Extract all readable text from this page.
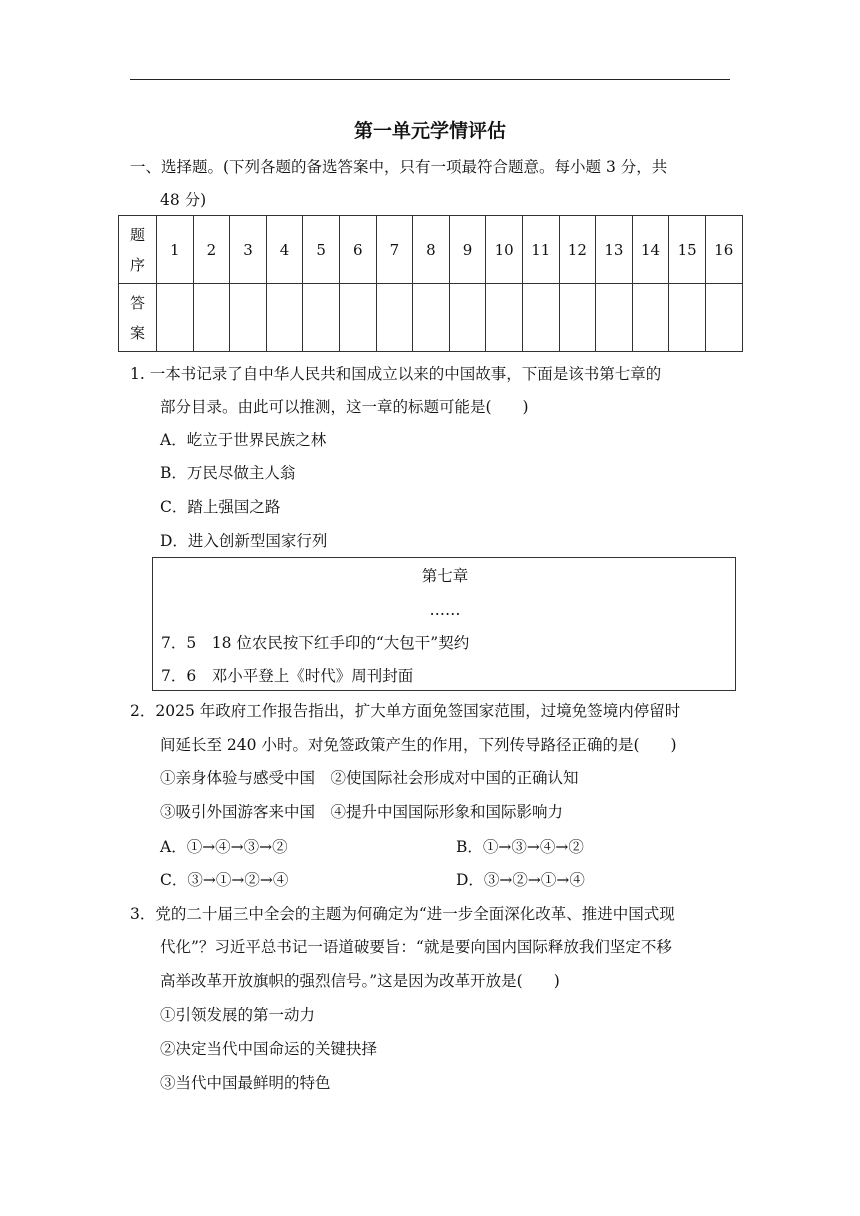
第一单元学情评估
一、选择题。(下列各题的备选答案中，只有一项最符合题意。每小题 3 分，共
48 分)
题
序	1	2	3	4	5	6	7	8	9	10	11	12	13	14	15	16
答
案																
1. 一本书记录了自中华人民共和国成立以来的中国故事，下面是该书第七章的
部分目录。由此可以推测，这一章的标题可能是(　　)
A．屹立于世界民族之林
B．万民尽做主人翁
C．踏上强国之路
D．进入创新型国家行列
第七章
……
7．5　18 位农民按下红手印的“大包干”契约
7．6　邓小平登上《时代》周刊封面
2．2025 年政府工作报告指出，扩大单方面免签国家范围，过境免签境内停留时
间延长至 240 小时。对免签政策产生的作用，下列传导路径正确的是(　　)
①亲身体验与感受中国　②使国际社会形成对中国的正确认知
③吸引外国游客来中国　④提升中国国际形象和国际影响力
A．①→④→③→②	B．①→③→④→②
C．③→①→②→④	D．③→②→①→④
3．党的二十届三中全会的主题为何确定为“进一步全面深化改革、推进中国式现
代化”？习近平总书记一语道破要旨：“就是要向国内国际释放我们坚定不移
高举改革开放旗帜的强烈信号。”这是因为改革开放是(　　)
①引领发展的第一动力
②决定当代中国命运的关键抉择
③当代中国最鲜明的特色
